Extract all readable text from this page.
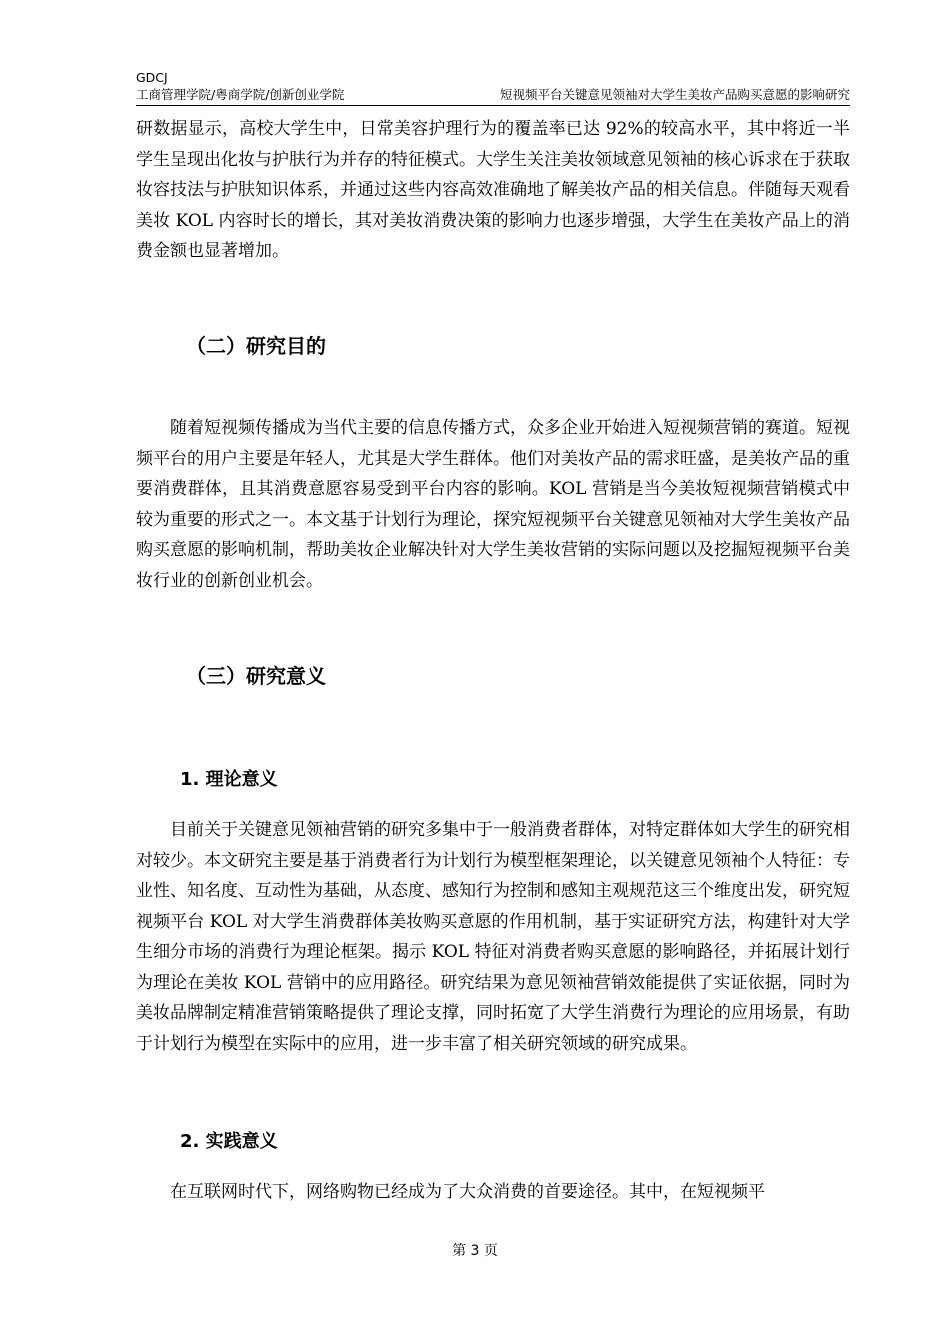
GDCJ
工商管理学院/粤商学院/创新创业学院	短视频平台关键意见领袖对大学生美妆产品购买意愿的影响研究

研数据显示，高校大学生中，日常美容护理行为的覆盖率已达 92%的较高水平，其中将近一半学生呈现出化妆与护肤行为并存的特征模式。大学生关注美妆领域意见领袖的核心诉求在于获取妆容技法与护肤知识体系，并通过这些内容高效准确地了解美妆产品的相关信息。伴随每天观看美妆 KOL 内容时长的增长，其对美妆消费决策的影响力也逐步增强，大学生在美妆产品上的消费金额也显著增加。

（二）研究目的

随着短视频传播成为当代主要的信息传播方式，众多企业开始进入短视频营销的赛道。短视频平台的用户主要是年轻人，尤其是大学生群体。他们对美妆产品的需求旺盛，是美妆产品的重要消费群体，且其消费意愿容易受到平台内容的影响。KOL 营销是当今美妆短视频营销模式中较为重要的形式之一。本文基于计划行为理论，探究短视频平台关键意见领袖对大学生美妆产品购买意愿的影响机制，帮助美妆企业解决针对大学生美妆营销的实际问题以及挖掘短视频平台美妆行业的创新创业机会。

（三）研究意义
1. 理论意义

目前关于关键意见领袖营销的研究多集中于一般消费者群体，对特定群体如大学生的研究相对较少。本文研究主要是基于消费者行为计划行为模型框架理论，以关键意见领袖个人特征：专业性、知名度、互动性为基础，从态度、感知行为控制和感知主观规范这三个维度出发，研究短视频平台 KOL 对大学生消费群体美妆购买意愿的作用机制，基于实证研究方法，构建针对大学生细分市场的消费行为理论框架。揭示 KOL 特征对消费者购买意愿的影响路径，并拓展计划行为理论在美妆 KOL 营销中的应用路径。研究结果为意见领袖营销效能提供了实证依据，同时为美妆品牌制定精准营销策略提供了理论支撑，同时拓宽了大学生消费行为理论的应用场景，有助于计划行为模型在实际中的应用，进一步丰富了相关研究领域的研究成果。

2. 实践意义

在互联网时代下，网络购物已经成为了大众消费的首要途径。其中，在短视频平

第 3 页
